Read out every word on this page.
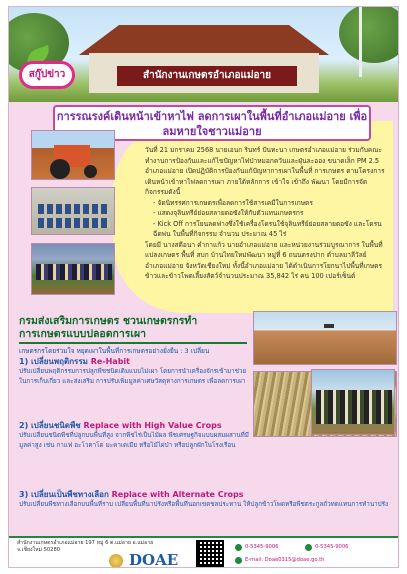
สำนักงานเกษตรอำเภอแม่อาย
สกู๊ปข่าว
การรณรงค์เดินหน้าเข้าหาไฟ ลดการเผาในพื้นที่อำเภอแม่อาย เพื่อ
ลมหายใจชาวแม่อาย
วันที่ 21 มกราคม 2568 นายเอนก รินทร์ ปันทะนา เกษตรอำเภอแม่อาย ร่วมกับคณะทำงานการป้องกันและแก้ไขปัญหาไฟป่าหมอกควันและฝุ่นละออง ขนาดเล็ก PM 2.5 อำเภอแม่อาย เปิดปฏิบัติการป้องกันแก้ปัญหาการเผาในพื้นที่ การเกษตร ตามโครงการเดินหน้าเข้าหาไฟลดการเผา ภายใต้หลักการ เข้าใจ เข้าถึง พัฒนา โดยมีการจัดกิจกรรมดังนี้
- จัดนิทรรศการเกษตรเพื่อลดการใช้สารเคมีในการเกษตร
- แสดงจุลินทรีย์ย่อยสลายตอซังให้กับตัวแทนเกษตรกร
- Kick Off การโยนลดฟางซึ่งใช้เครื่องโดรนใช้จุลินทรีย์ย่อยสลายตอซัง และโดรนฉีดพ่น ในพื้นที่กิจกรรม จำนวน ประมาณ 45 ไร่
โดยมี นางสดีอนา คำกาแก้ว นายอำเภอแม่อาย และหน่วยงานร่วมบูรณาการ ในพื้นที่ แปลงเกษตร พื้นที่ สบก บ้านไทยใหม่พัฒนา หมู่ที่ 6 ถนนตรงปาก ตำบลมาลีวัลย์ อำเภอแม่อาย จังหวัดเชียงใหม่ ทั้งนี้อำเภอแม่อาย ได้ดำเนินการโยกนาไปพื้นที่เกษตรข้าวและข้าวโพดเลี้ยงสัตว์จำนวนประมาณ 35,842 ไร่ คน 100 เปอร์เซ็นต์
กรมส่งเสริมการเกษตร ชวนเกษตรกรทำ
การเกษตรแบบปลอดการเผา
เกษตรกรโดยร่วมใจ หยุดเผาในพื้นที่การเกษตรอย่างยั่งยืน : 3 เปลี่ยน
1) เปลี่ยนพฤติกรรม Re-Habit
ปรับเปลี่ยนพฤติกรรมการปลูกพืชชนิดเดิมแบบไม่เผา โดยการนำเครื่องจักรเข้ามาช่วยในการเก็บเกี่ยว และส่งเสริม การปรับเพิ่มมูลค่าเศษวัสดุทางการเกษตร เพื่อลดการเผา
2) เปลี่ยนชนิดพืช Replace with High Value Crops
ปรับเปลี่ยนชนิดพืชที่ปลูกบนพื้นที่สูง จากพืชไร่เป็นไม้ผล พืชเศรษฐกิจแบบผสมผสานที่มีมูลค่าสูง เช่น กาแฟ อะโวคาโด มะคาเดเมีย หรือไม้ไผ่ป่า หรือปลูกผักในโรงเรือน
3) เปลี่ยนเป็นพืชทางเลือก Replace with Alternate Crops
ปรับเปลี่ยนพืชทางเลือกบนพื้นที่ราบ เปลี่ยนพื้นที่นาปรังหรือพื้นที่นอกเขตชลประทาน ให้ปลูกข้าวโพดหรือพืชตระกูลถั่วทดแทนการทำนาปรัง
สำนักงานเกษตรอำเภอแม่อาย 197 หมู่ 6 ต.แม่อาย อ.แม่อาย จ.เชียงใหม่ 50280
DOAE
0-5345-9006	0-5345-9006
E-mail: Doae0315@doae.go.th
